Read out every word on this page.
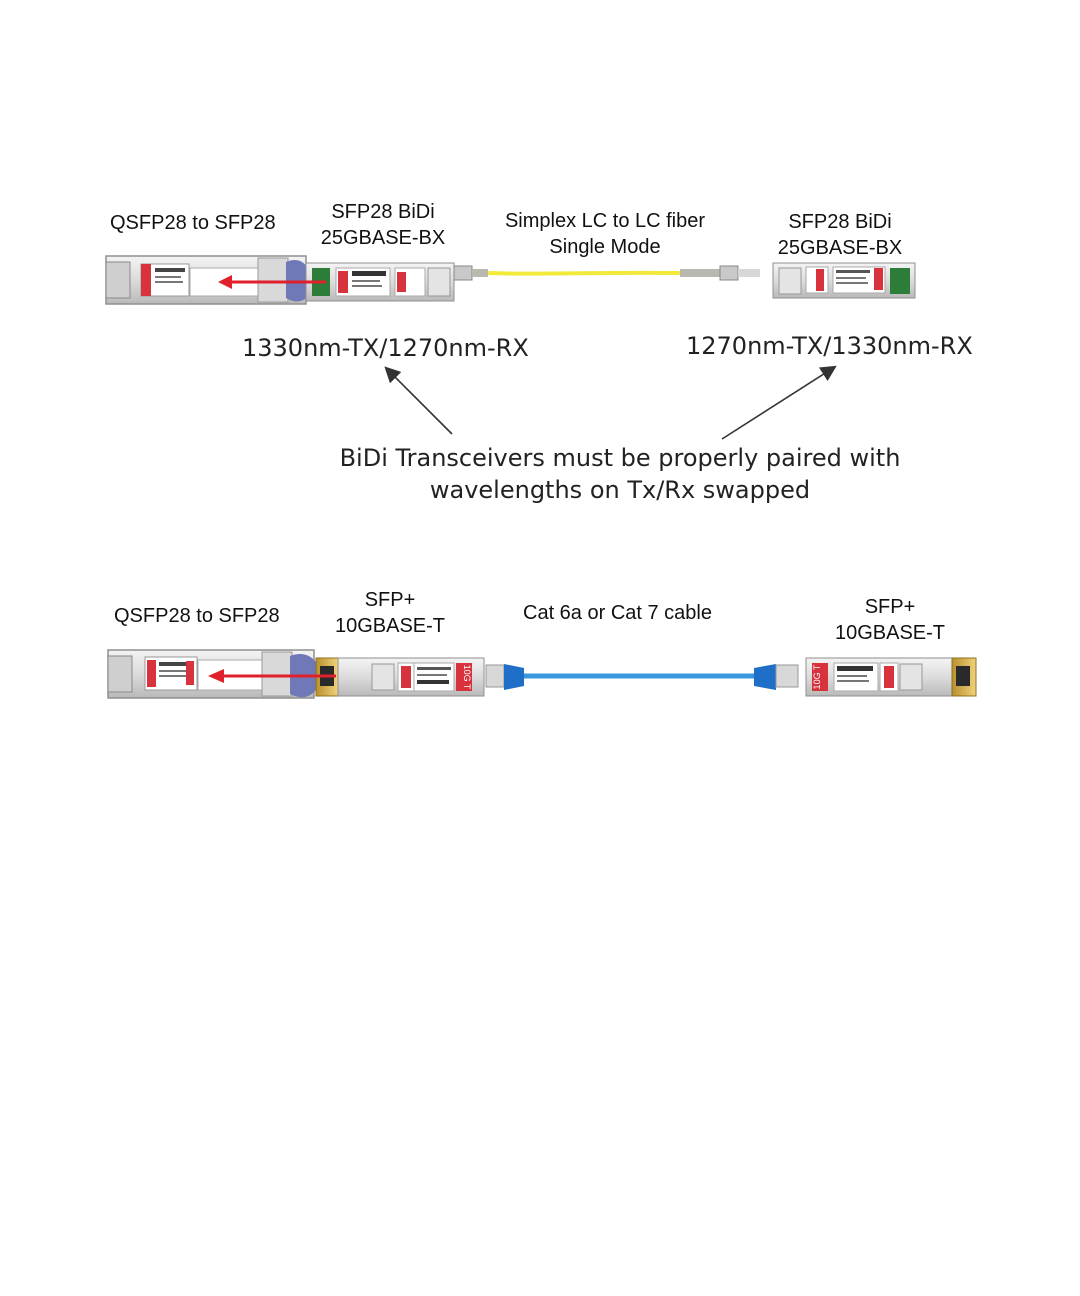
QSFP28 to SFP28	SFP28 BiDi
25GBASE-BX
Simplex LC to LC fiber
Single Mode
SFP28 BiDi
25GBASE-BX
1330nm-TX/1270nm-RX	1270nm-TX/1330nm-RX
BiDi Transceivers must be properly paired with
wavelengths on Tx/Rx swapped
QSFP28 to SFP28
SFP+
10GBASE-T
Cat 6a or Cat 7 cable	SFP+
10GBASE-T
10G T	10G T
